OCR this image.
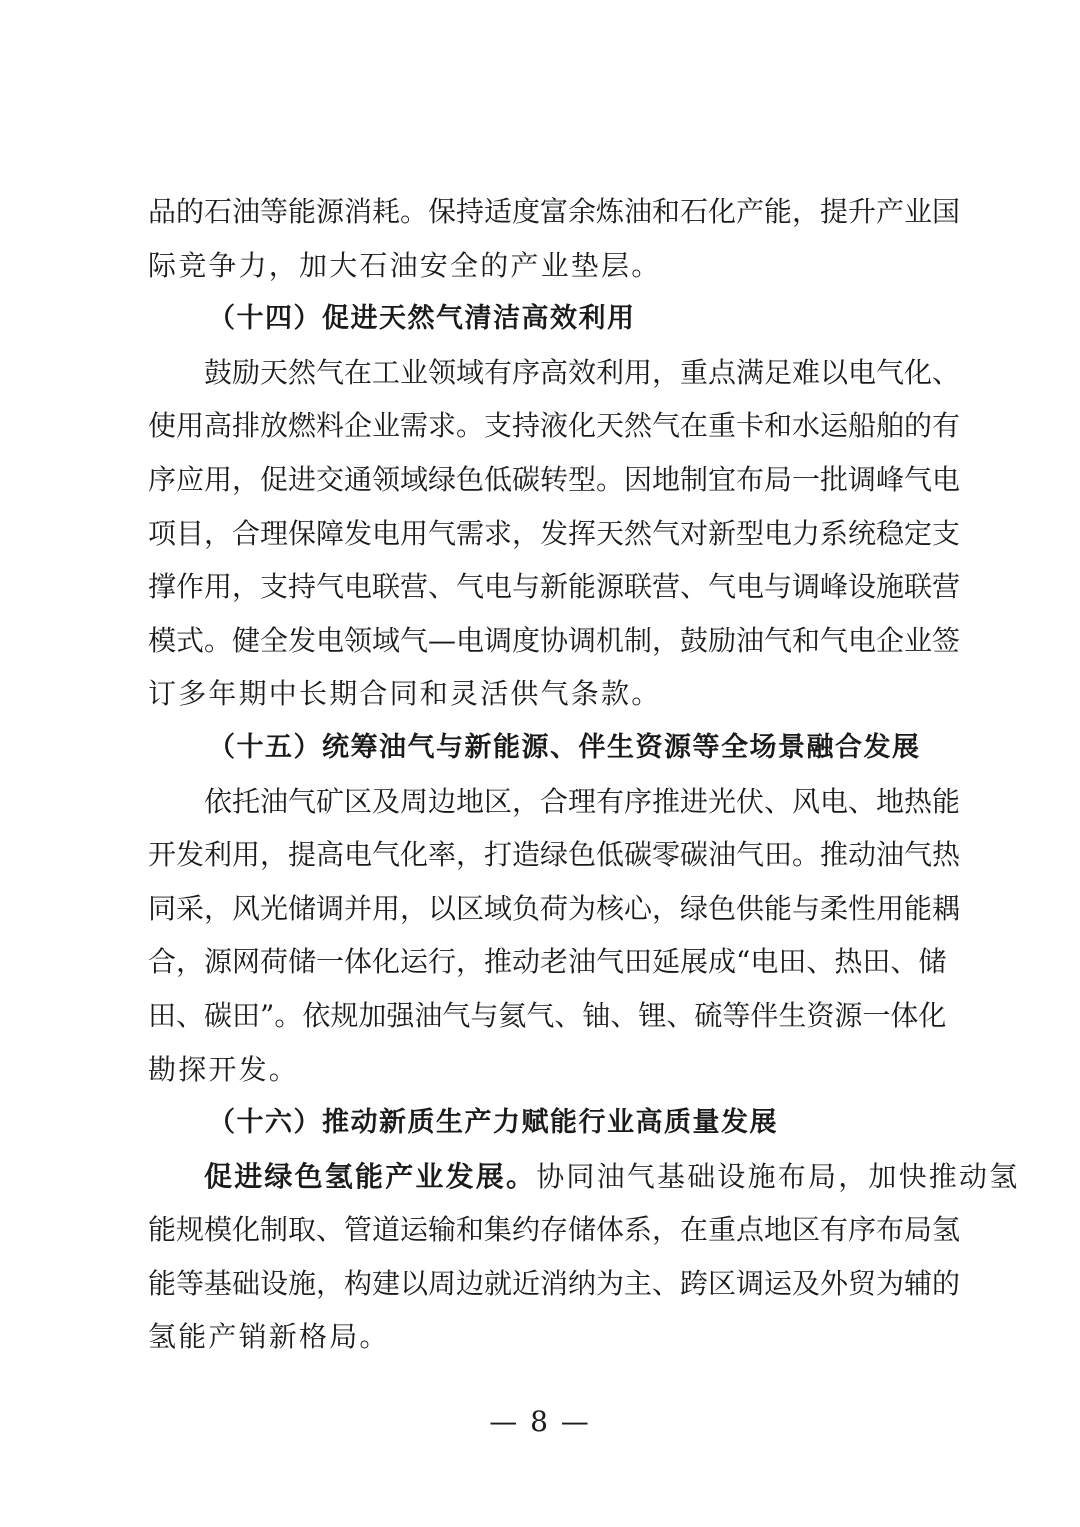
品的石油等能源消耗。保持适度富余炼油和石化产能，提升产业国
际竞争力，加大石油安全的产业垫层。
（十四）促进天然气清洁高效利用
鼓励天然气在工业领域有序高效利用，重点满足难以电气化、
使用高排放燃料企业需求。支持液化天然气在重卡和水运船舶的有
序应用，促进交通领域绿色低碳转型。因地制宜布局一批调峰气电
项目，合理保障发电用气需求，发挥天然气对新型电力系统稳定支
撑作用，支持气电联营、气电与新能源联营、气电与调峰设施联营
模式。健全发电领域气—电调度协调机制，鼓励油气和气电企业签
订多年期中长期合同和灵活供气条款。
（十五）统筹油气与新能源、伴生资源等全场景融合发展
依托油气矿区及周边地区，合理有序推进光伏、风电、地热能
开发利用，提高电气化率，打造绿色低碳零碳油气田。推动油气热
同采，风光储调并用，以区域负荷为核心，绿色供能与柔性用能耦
合，源网荷储一体化运行，推动老油气田延展成“电田、热田、储
田、碳田”。依规加强油气与氦气、铀、锂、硫等伴生资源一体化
勘探开发。
（十六）推动新质生产力赋能行业高质量发展
促进绿色氢能产业发展。协同油气基础设施布局，加快推动氢
能规模化制取、管道运输和集约存储体系，在重点地区有序布局氢
能等基础设施，构建以周边就近消纳为主、跨区调运及外贸为辅的
氢能产销新格局。
— 8 —
